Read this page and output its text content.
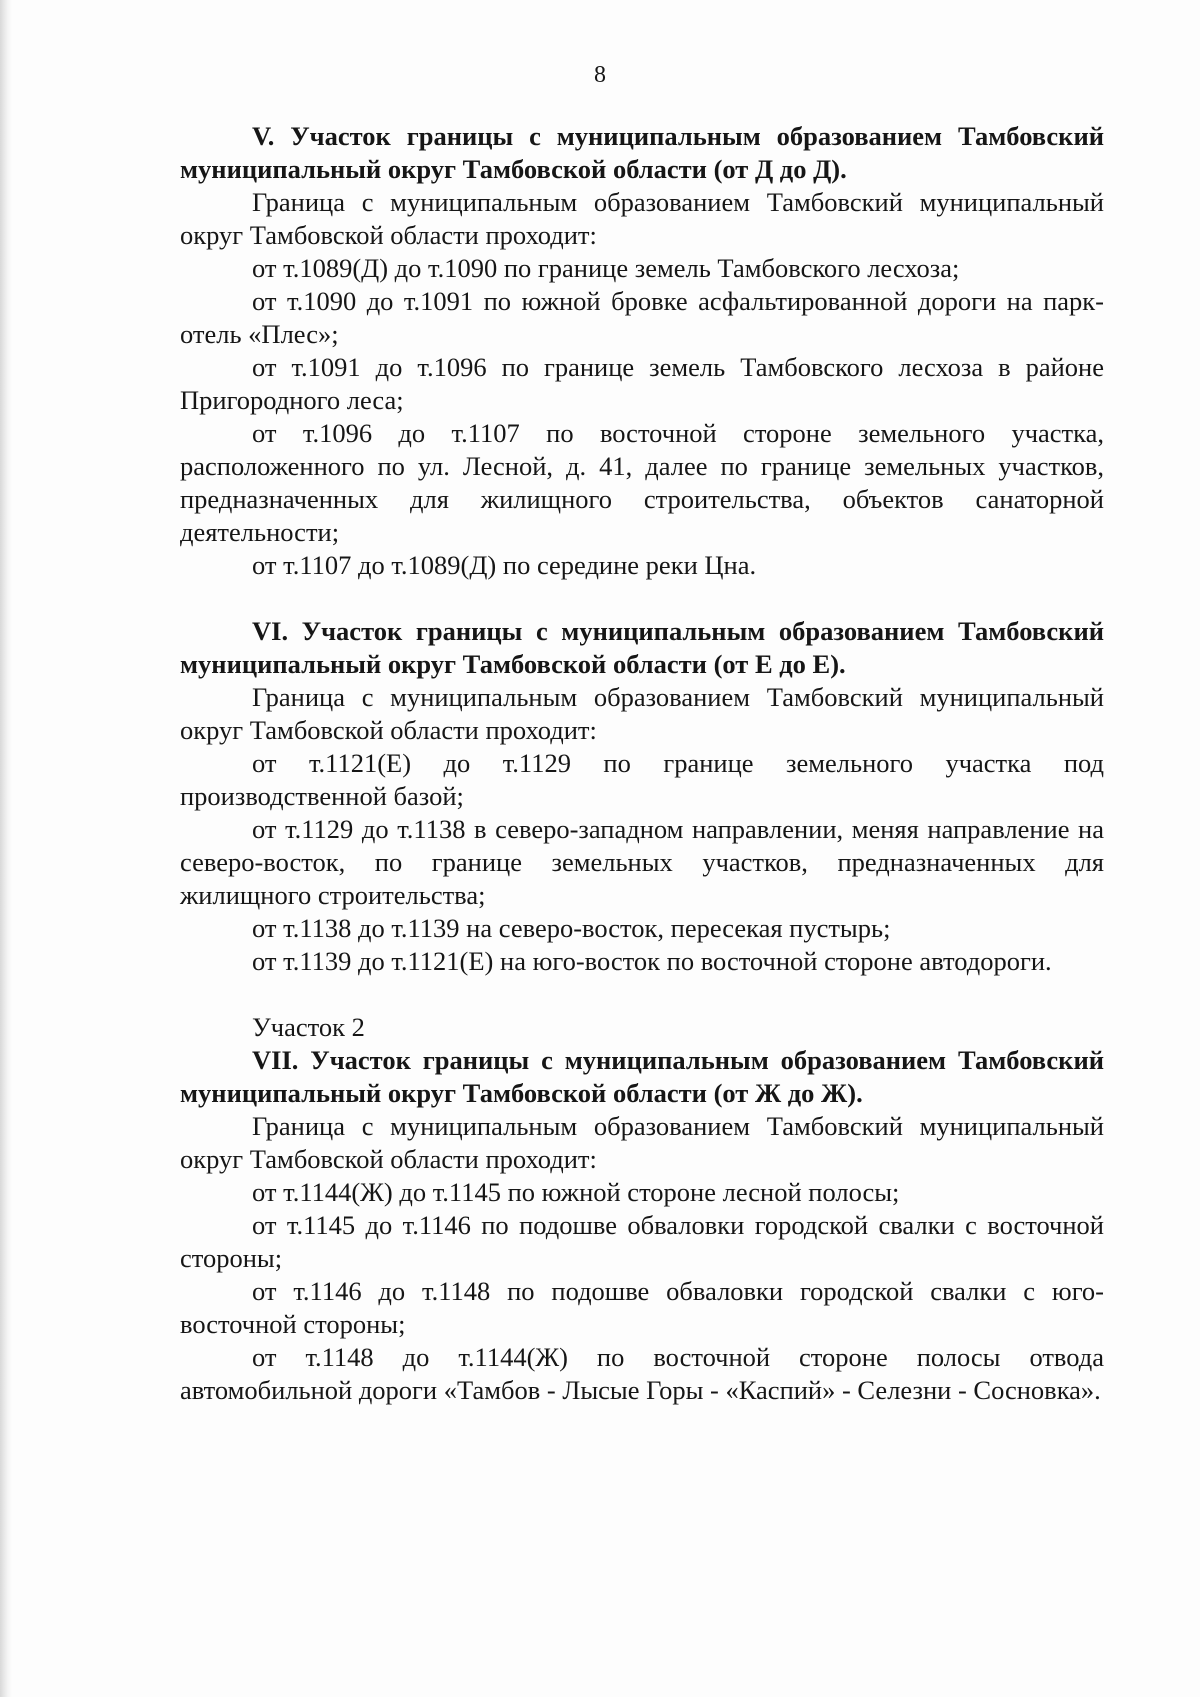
8

V. Участок границы с муниципальным образованием Тамбовский муниципальный округ Тамбовской области (от Д до Д).

Граница с муниципальным образованием Тамбовский муниципальный округ Тамбовской области проходит:

от т.1089(Д) до т.1090 по границе земель Тамбовского лесхоза;

от т.1090 до т.1091 по южной бровке асфальтированной дороги на парк-отель «Плес»;

от т.1091 до т.1096 по границе земель Тамбовского лесхоза в районе Пригородного леса;

от т.1096 до т.1107 по восточной стороне земельного участка, расположенного по ул. Лесной, д. 41, далее по границе земельных участков, предназначенных для жилищного строительства, объектов санаторной деятельности;

от т.1107 до т.1089(Д) по середине реки Цна.

VI. Участок границы с муниципальным образованием Тамбовский муниципальный округ Тамбовской области (от Е до Е).

Граница с муниципальным образованием Тамбовский муниципальный округ Тамбовской области проходит:

от т.1121(Е) до т.1129 по границе земельного участка под производственной базой;

от т.1129 до т.1138 в северо-западном направлении, меняя направление на северо-восток, по границе земельных участков, предназначенных для жилищного строительства;

от т.1138 до т.1139 на северо-восток, пересекая пустырь;

от т.1139 до т.1121(Е) на юго-восток по восточной стороне автодороги.

Участок 2

VII. Участок границы с муниципальным образованием Тамбовский муниципальный округ Тамбовской области (от Ж до Ж).

Граница с муниципальным образованием Тамбовский муниципальный округ Тамбовской области проходит:

от т.1144(Ж) до т.1145 по южной стороне лесной полосы;

от т.1145 до т.1146 по подошве обваловки городской свалки с восточной стороны;

от т.1146 до т.1148 по подошве обваловки городской свалки с юго-восточной стороны;

от т.1148 до т.1144(Ж) по восточной стороне полосы отвода автомобильной дороги «Тамбов - Лысые Горы - «Каспий» - Селезни - Сосновка».
